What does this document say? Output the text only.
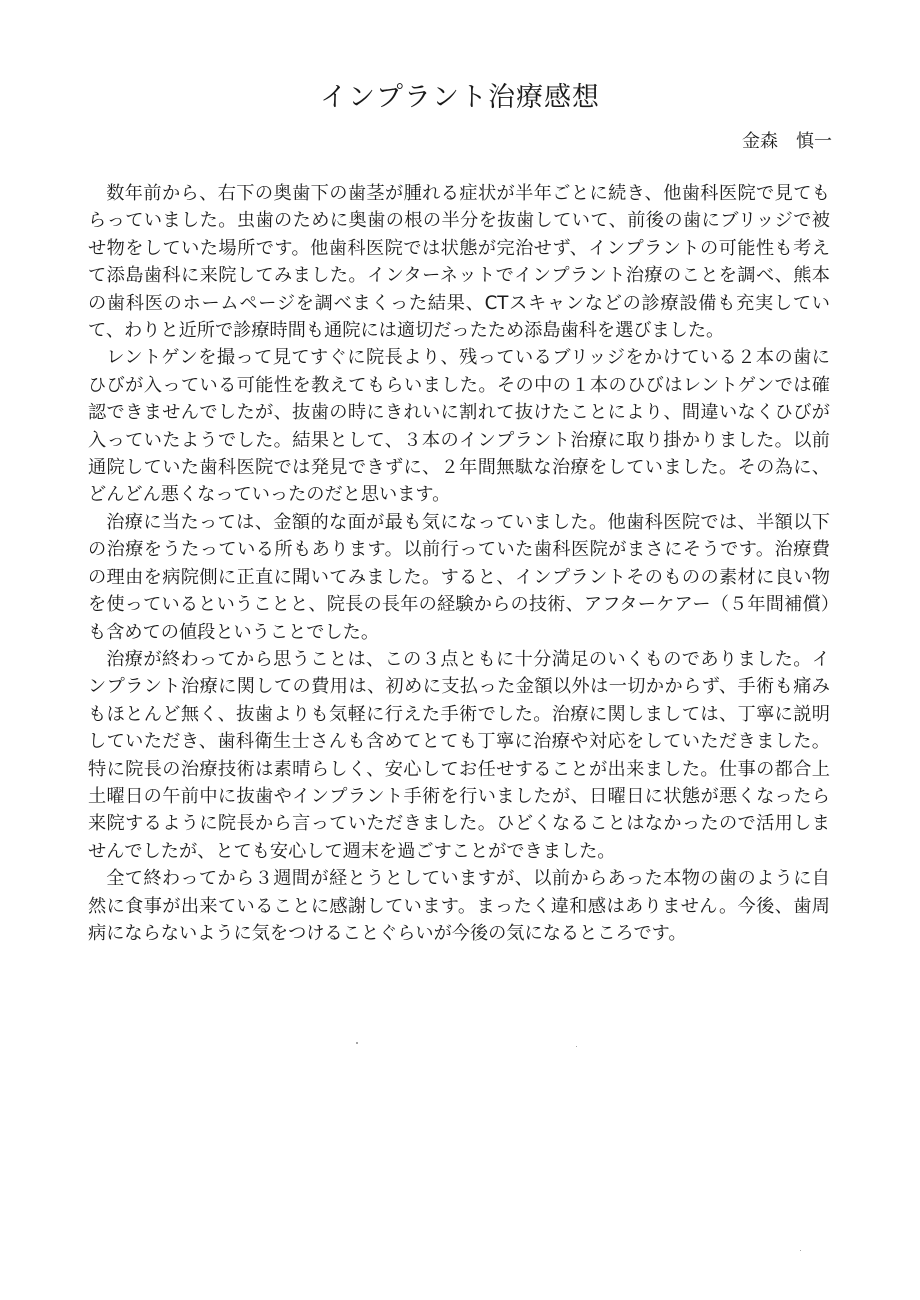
インプラント治療感想
金森　慎一

数年前から、右下の奥歯下の歯茎が腫れる症状が半年ごとに続き、他歯科医院で見てもらっていました。虫歯のために奥歯の根の半分を抜歯していて、前後の歯にブリッジで被せ物をしていた場所です。他歯科医院では状態が完治せず、インプラントの可能性も考えて添島歯科に来院してみました。インターネットでインプラント治療のことを調べ、熊本の歯科医のホームページを調べまくった結果、CTスキャンなどの診療設備も充実していて、わりと近所で診療時間も通院には適切だったため添島歯科を選びました。

レントゲンを撮って見てすぐに院長より、残っているブリッジをかけている２本の歯にひびが入っている可能性を教えてもらいました。その中の１本のひびはレントゲンでは確認できませんでしたが、抜歯の時にきれいに割れて抜けたことにより、間違いなくひびが入っていたようでした。結果として、３本のインプラント治療に取り掛かりました。以前通院していた歯科医院では発見できずに、２年間無駄な治療をしていました。その為に、どんどん悪くなっていったのだと思います。

治療に当たっては、金額的な面が最も気になっていました。他歯科医院では、半額以下の治療をうたっている所もあります。以前行っていた歯科医院がまさにそうです。治療費の理由を病院側に正直に聞いてみました。すると、インプラントそのものの素材に良い物を使っているということと、院長の長年の経験からの技術、アフターケアー（５年間補償）も含めての値段ということでした。

治療が終わってから思うことは、この３点ともに十分満足のいくものでありました。インプラント治療に関しての費用は、初めに支払った金額以外は一切かからず、手術も痛みもほとんど無く、抜歯よりも気軽に行えた手術でした。治療に関しましては、丁寧に説明していただき、歯科衛生士さんも含めてとても丁寧に治療や対応をしていただきました。特に院長の治療技術は素晴らしく、安心してお任せすることが出来ました。仕事の都合上土曜日の午前中に抜歯やインプラント手術を行いましたが、日曜日に状態が悪くなったら来院するように院長から言っていただきました。ひどくなることはなかったので活用しませんでしたが、とても安心して週末を過ごすことができました。

全て終わってから３週間が経とうとしていますが、以前からあった本物の歯のように自然に食事が出来ていることに感謝しています。まったく違和感はありません。今後、歯周病にならないように気をつけることぐらいが今後の気になるところです。
